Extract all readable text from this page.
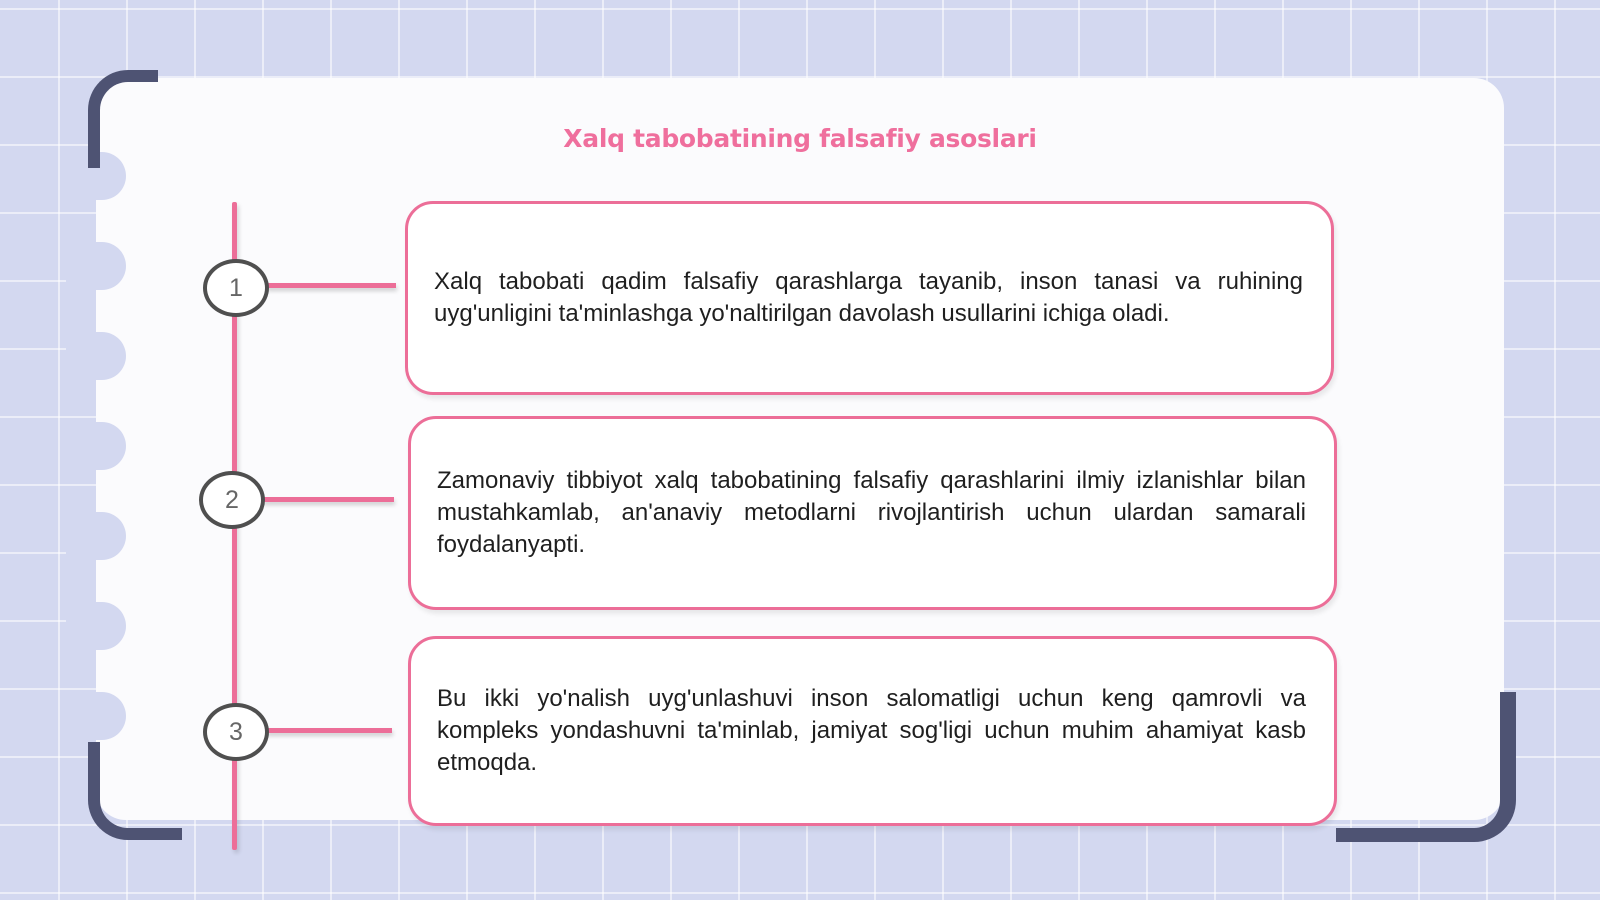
Xalq tabobatining falsafiy asoslari
1
2
3

Xalq tabobati qadim falsafiy qarashlarga tayanib, inson tanasi va ruhining uyg'unligini ta'minlashga yo'naltirilgan davolash usullarini ichiga oladi.

Zamonaviy tibbiyot xalq tabobatining falsafiy qarashlarini ilmiy izlanishlar bilan mustahkamlab, an'anaviy metodlarni rivojlantirish uchun ulardan samarali foydalanyapti.

Bu ikki yo'nalish uyg'unlashuvi inson salomatligi uchun keng qamrovli va kompleks yondashuvni ta'minlab, jamiyat sog'ligi uchun muhim ahamiyat kasb etmoqda.
